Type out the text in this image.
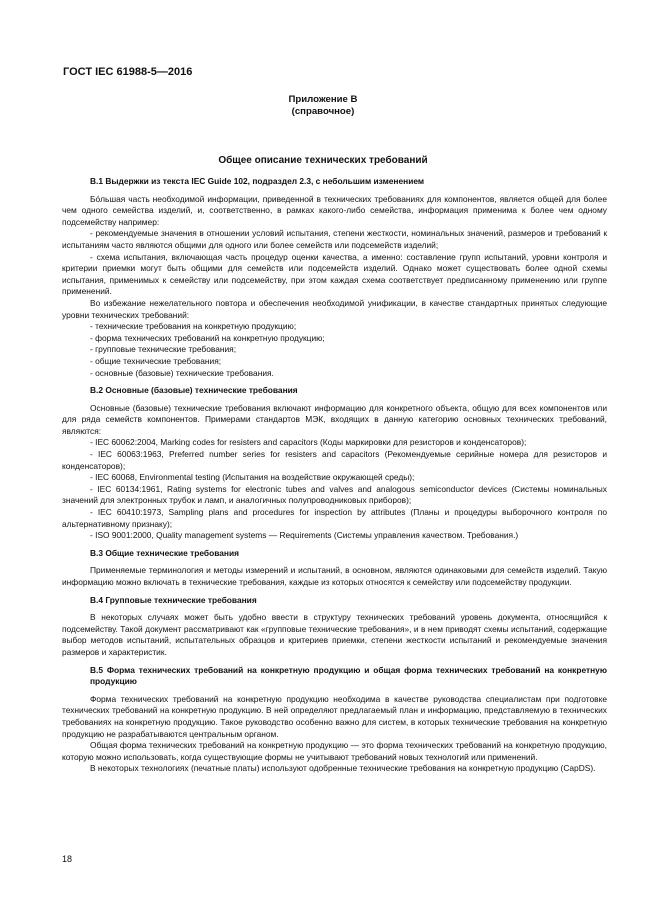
ГОСТ IEC 61988-5—2016
Приложение В
(справочное)
Общее описание технических требований

В.1 Выдержки из текста IEC Guide 102, подраздел 2.3, с небольшим изменением

Бо́льшая часть необходимой информации, приведенной в технических требованиях для компонентов, является общей для более чем одного семейства изделий, и, соответственно, в рамках какого-либо семейства, информация применима к более чем одному подсемейству например:

- рекомендуемые значения в отношении условий испытания, степени жесткости, номинальных значений, размеров и требований к испытаниям часто являются общими для одного или более семейств или подсемейств изделий;

- схема испытания, включающая часть процедур оценки качества, а именно: составление групп испытаний, уровни контроля и критерии приемки могут быть общими для семейств или подсемейств изделий. Однако может существовать более одной схемы испытания, применимых к семейству или подсемейству, при этом каждая схема соответствует предписанному применению или группе применений.

Во избежание нежелательного повтора и обеспечения необходимой унификации, в качестве стандартных принятых следующие уровни технических требований:

- технические требования на конкретную продукцию;

- форма технических требований на конкретную продукцию;

- групповые технические требования;

- общие технические требования;

- основные (базовые) технические требования.

В.2 Основные (базовые) технические требования

Основные (базовые) технические требования включают информацию для конкретного объекта, общую для всех компонентов или для ряда семейств компонентов. Примерами стандартов МЭК, входящих в данную категорию основных технических требований, являются:

- IEC 60062:2004, Marking codes for resisters and capacitors (Коды маркировки для резисторов и конденсаторов);

- IEC 60063:1963, Preferred number series for resisters and capacitors (Рекомендуемые серийные номера для резисторов и конденсаторов);

- IEC 60068, Environmental testing (Испытания на воздействие окружающей среды);

- IEC 60134:1961, Rating systems for electronic tubes and valves and analogous semiconductor devices (Системы номинальных значений для электронных трубок и ламп, и аналогичных полупроводниковых приборов);

- IEC 60410:1973, Sampling plans and procedures for inspection by attributes (Планы и процедуры выборочного контроля по альтернативному признаку);

- ISO 9001:2000, Quality management systems — Requirements (Системы управления качеством. Требования.)

В.3 Общие технические требования

Применяемые терминология и методы измерений и испытаний, в основном, являются одинаковыми для семейств изделий. Такую информацию можно включать в технические требования, каждые из которых относятся к семейству или подсемейству продукции.

В.4 Групповые технические требования

В некоторых случаях может быть удобно ввести в структуру технических требований уровень документа, относящийся к подсемейству. Такой документ рассматривают как «групповые технические требования», и в нем приводят схемы испытаний, содержащие выбор методов испытаний, испытательных образцов и критериев приемки, степени жесткости испытаний и рекомендуемые значения размеров и характеристик.

В.5 Форма технических требований на конкретную продукцию и общая форма технических требований на конкретную продукцию

Форма технических требований на конкретную продукцию необходима в качестве руководства специалистам при подготовке технических требований на конкретную продукцию. В ней определяют предлагаемый план и информацию, представляемую в технических требованиях на конкретную продукцию. Такое руководство особенно важно для систем, в которых технические требования на конкретную продукцию не разрабатываются центральным органом.

Общая форма технических требований на конкретную продукцию — это форма технических требований на конкретную продукцию, которую можно использовать, когда существующие формы не учитывают требований новых технологий или применений.

В некоторых технологиях (печатные платы) используют одобренные технические требования на конкретную продукцию (CapDS).

18
